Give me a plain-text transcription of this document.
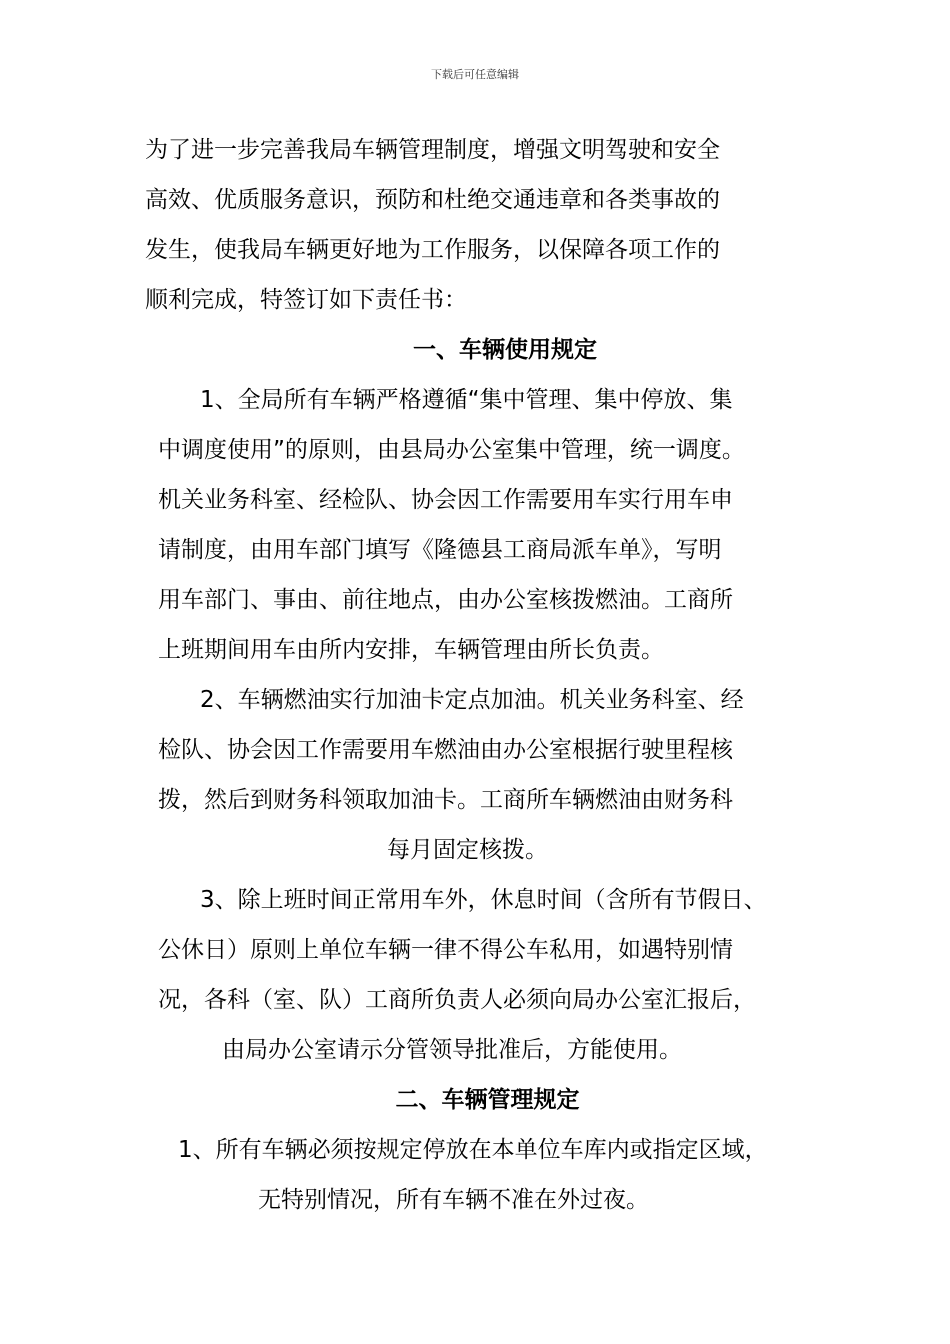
下载后可任意编辑
为了进一步完善我局车辆管理制度，增强文明驾驶和安全
高效、优质服务意识，预防和杜绝交通违章和各类事故的
发生，使我局车辆更好地为工作服务，以保障各项工作的
顺利完成，特签订如下责任书：
一、车辆使用规定
1、全局所有车辆严格遵循“集中管理、集中停放、集
中调度使用”的原则，由县局办公室集中管理，统一调度。
机关业务科室、经检队、协会因工作需要用车实行用车申
请制度，由用车部门填写《隆德县工商局派车单》，写明
用车部门、事由、前往地点，由办公室核拨燃油。工商所
上班期间用车由所内安排，车辆管理由所长负责。
2、车辆燃油实行加油卡定点加油。机关业务科室、经
检队、协会因工作需要用车燃油由办公室根据行驶里程核
拨，然后到财务科领取加油卡。工商所车辆燃油由财务科
每月固定核拨。
3、除上班时间正常用车外，休息时间（含所有节假日、
公休日）原则上单位车辆一律不得公车私用，如遇特别情
况，各科（室、队）工商所负责人必须向局办公室汇报后，
由局办公室请示分管领导批准后，方能使用。
二、车辆管理规定
1、所有车辆必须按规定停放在本单位车库内或指定区域，
无特别情况，所有车辆不准在外过夜。
